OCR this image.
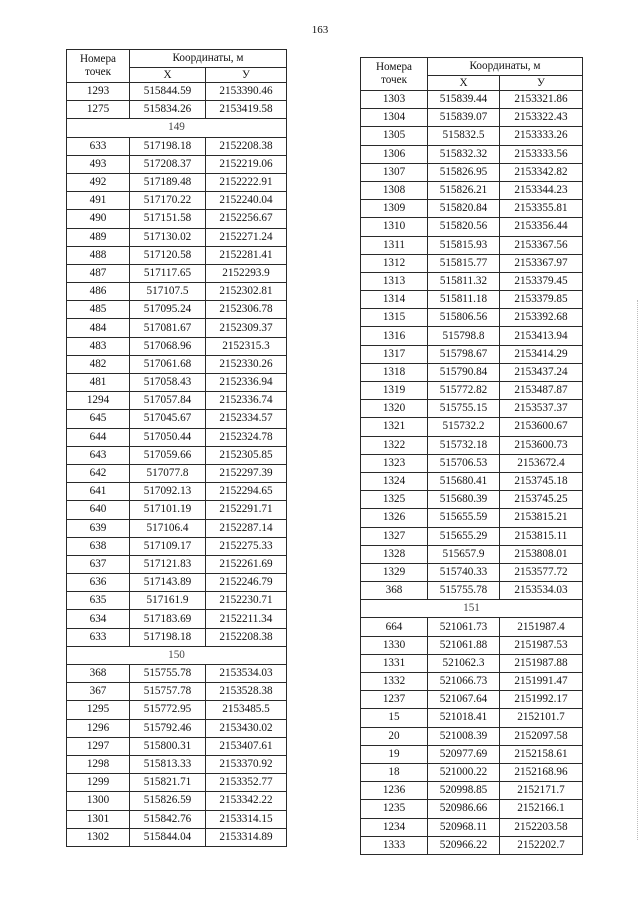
163
Номера
точек	Координаты, м	
	X	У
1293	515844.59	2153390.46
1275	515834.26	2153419.58
149		
633	517198.18	2152208.38
493	517208.37	2152219.06
492	517189.48	2152222.91
491	517170.22	2152240.04
490	517151.58	2152256.67
489	517130.02	2152271.24
488	517120.58	2152281.41
487	517117.65	2152293.9
486	517107.5	2152302.81
485	517095.24	2152306.78
484	517081.67	2152309.37
483	517068.96	2152315.3
482	517061.68	2152330.26
481	517058.43	2152336.94
1294	517057.84	2152336.74
645	517045.67	2152334.57
644	517050.44	2152324.78
643	517059.66	2152305.85
642	517077.8	2152297.39
641	517092.13	2152294.65
640	517101.19	2152291.71
639	517106.4	2152287.14
638	517109.17	2152275.33
637	517121.83	2152261.69
636	517143.89	2152246.79
635	517161.9	2152230.71
634	517183.69	2152211.34
633	517198.18	2152208.38
150		
368	515755.78	2153534.03
367	515757.78	2153528.38
1295	515772.95	2153485.5
1296	515792.46	2153430.02
1297	515800.31	2153407.61
1298	515813.33	2153370.92
1299	515821.71	2153352.77
1300	515826.59	2153342.22
1301	515842.76	2153314.15
1302	515844.04	2153314.89
Номера
точек	Координаты, м	
	X	У
1303	515839.44	2153321.86
1304	515839.07	2153322.43
1305	515832.5	2153333.26
1306	515832.32	2153333.56
1307	515826.95	2153342.82
1308	515826.21	2153344.23
1309	515820.84	2153355.81
1310	515820.56	2153356.44
1311	515815.93	2153367.56
1312	515815.77	2153367.97
1313	515811.32	2153379.45
1314	515811.18	2153379.85
1315	515806.56	2153392.68
1316	515798.8	2153413.94
1317	515798.67	2153414.29
1318	515790.84	2153437.24
1319	515772.82	2153487.87
1320	515755.15	2153537.37
1321	515732.2	2153600.67
1322	515732.18	2153600.73
1323	515706.53	2153672.4
1324	515680.41	2153745.18
1325	515680.39	2153745.25
1326	515655.59	2153815.21
1327	515655.29	2153815.11
1328	515657.9	2153808.01
1329	515740.33	2153577.72
368	515755.78	2153534.03
151		
664	521061.73	2151987.4
1330	521061.88	2151987.53
1331	521062.3	2151987.88
1332	521066.73	2151991.47
1237	521067.64	2151992.17
15	521018.41	2152101.7
20	521008.39	2152097.58
19	520977.69	2152158.61
18	521000.22	2152168.96
1236	520998.85	2152171.7
1235	520986.66	2152166.1
1234	520968.11	2152203.58
1333	520966.22	2152202.7
